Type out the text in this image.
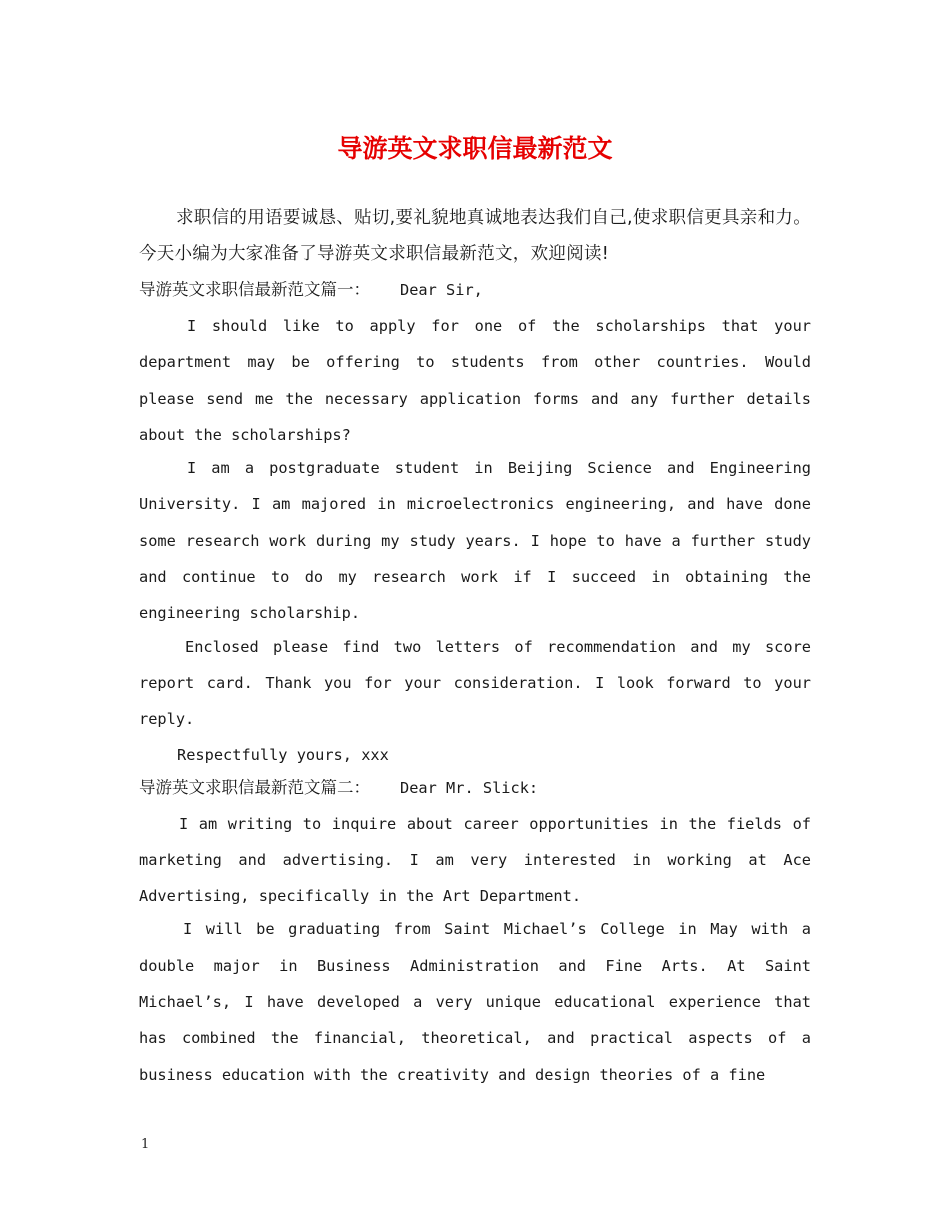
导游英文求职信最新范文

求职信的用语要诚恳、贴切,要礼貌地真诚地表达我们自己,使求职信更具亲和力。今天小编为大家准备了导游英文求职信最新范文，欢迎阅读!

导游英文求职信最新范文篇一： Dear Sir,

I should like to apply for one of the scholarships that your department may be offering to students from other countries. Would please send me the necessary application forms and any further details about the scholarships?

I am a postgraduate student in Beijing Science and Engineering University. I am majored in microelectronics engineering, and have done some research work during my study years. I hope to have a further study and continue to do my research work if I succeed in obtaining the engineering scholarship.

Enclosed please find two letters of recommendation and my score report card. Thank you for your consideration. I look forward to your reply.

Respectfully yours, xxx

导游英文求职信最新范文篇二： Dear Mr. Slick:

I am writing to inquire about career opportunities in the fields of marketing and advertising. I am very interested in working at Ace Advertising, specifically in the Art Department.

I will be graduating from Saint Michael’s College in May with a double major in Business Administration and Fine Arts. At Saint Michael’s, I have developed a very unique educational experience that has combined the financial, theoretical, and practical aspects of a business education with the creativity and design theories of a fine

1
